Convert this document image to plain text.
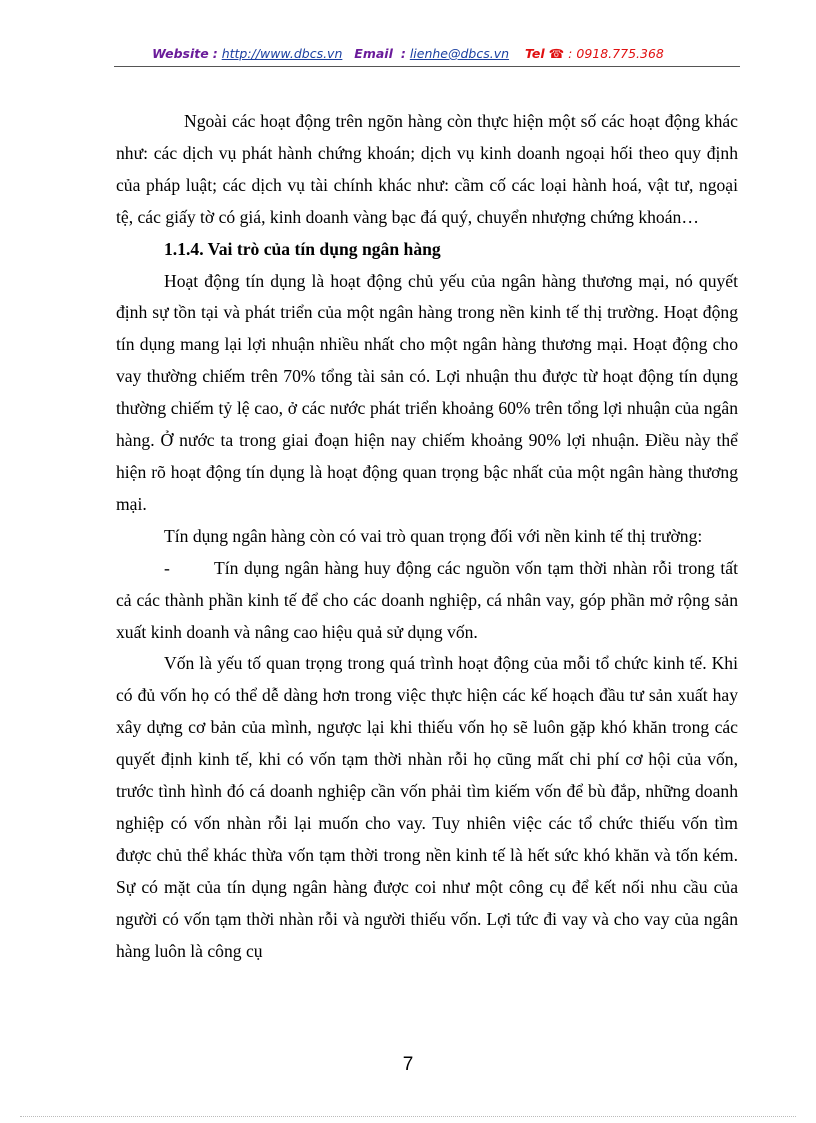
Website : http://www.dbcs.vn Email : lienhe@dbcs.vn Tel ☎ : 0918.775.368

Ngoài các hoạt động trên ngõn hàng còn thực hiện một số các hoạt động khác như: các dịch vụ phát hành chứng khoán; dịch vụ kinh doanh ngoại hối theo quy định của pháp luật; các dịch vụ tài chính khác như: cầm cố các loại hành hoá, vật tư, ngoại tệ, các giấy tờ có giá, kinh doanh vàng bạc đá quý, chuyển nhượng chứng khoán…

1.1.4. Vai trò của tín dụng ngân hàng

Hoạt động tín dụng là hoạt động chủ yếu của ngân hàng thương mại, nó quyết định sự tồn tại và phát triển của một ngân hàng trong nền kinh tế thị trường. Hoạt động tín dụng mang lại lợi nhuận nhiều nhất cho một ngân hàng thương mại. Hoạt động cho vay thường chiếm trên 70% tổng tài sản có. Lợi nhuận thu được từ hoạt động tín dụng thường chiếm tỷ lệ cao, ở các nước phát triển khoảng 60% trên tổng lợi nhuận của ngân hàng. Ở nước ta trong giai đoạn hiện nay chiếm khoảng 90% lợi nhuận. Điều này thể hiện rõ hoạt động tín dụng là hoạt động quan trọng bậc nhất của một ngân hàng thương mại.

Tín dụng ngân hàng còn có vai trò quan trọng đối với nền kinh tế thị trường:

-	Tín dụng ngân hàng huy động các nguồn vốn tạm thời nhàn rỗi trong tất cả các thành phần kinh tế để cho các doanh nghiệp, cá nhân vay, góp phần mở rộng sản xuất kinh doanh và nâng cao hiệu quả sử dụng vốn.

Vốn là yếu tố quan trọng trong quá trình hoạt động của mỗi tổ chức kinh tế. Khi có đủ vốn họ có thể dễ dàng hơn trong việc thực hiện các kế hoạch đầu tư sản xuất hay xây dựng cơ bản của mình, ngược lại khi thiếu vốn họ sẽ luôn gặp khó khăn trong các quyết định kinh tế, khi có vốn tạm thời nhàn rỗi họ cũng mất chi phí cơ hội của vốn, trước tình hình đó cá doanh nghiệp cần vốn phải tìm kiếm vốn để bù đắp, những doanh nghiệp có vốn nhàn rỗi lại muốn cho vay. Tuy nhiên việc các tổ chức thiếu vốn tìm được chủ thể khác thừa vốn tạm thời trong nền kinh tế là hết sức khó khăn và tốn kém. Sự có mặt của tín dụng ngân hàng được coi như một công cụ để kết nối nhu cầu của người có vốn tạm thời nhàn rỗi và người thiếu vốn. Lợi tức đi vay và cho vay của ngân hàng luôn là công cụ

7
